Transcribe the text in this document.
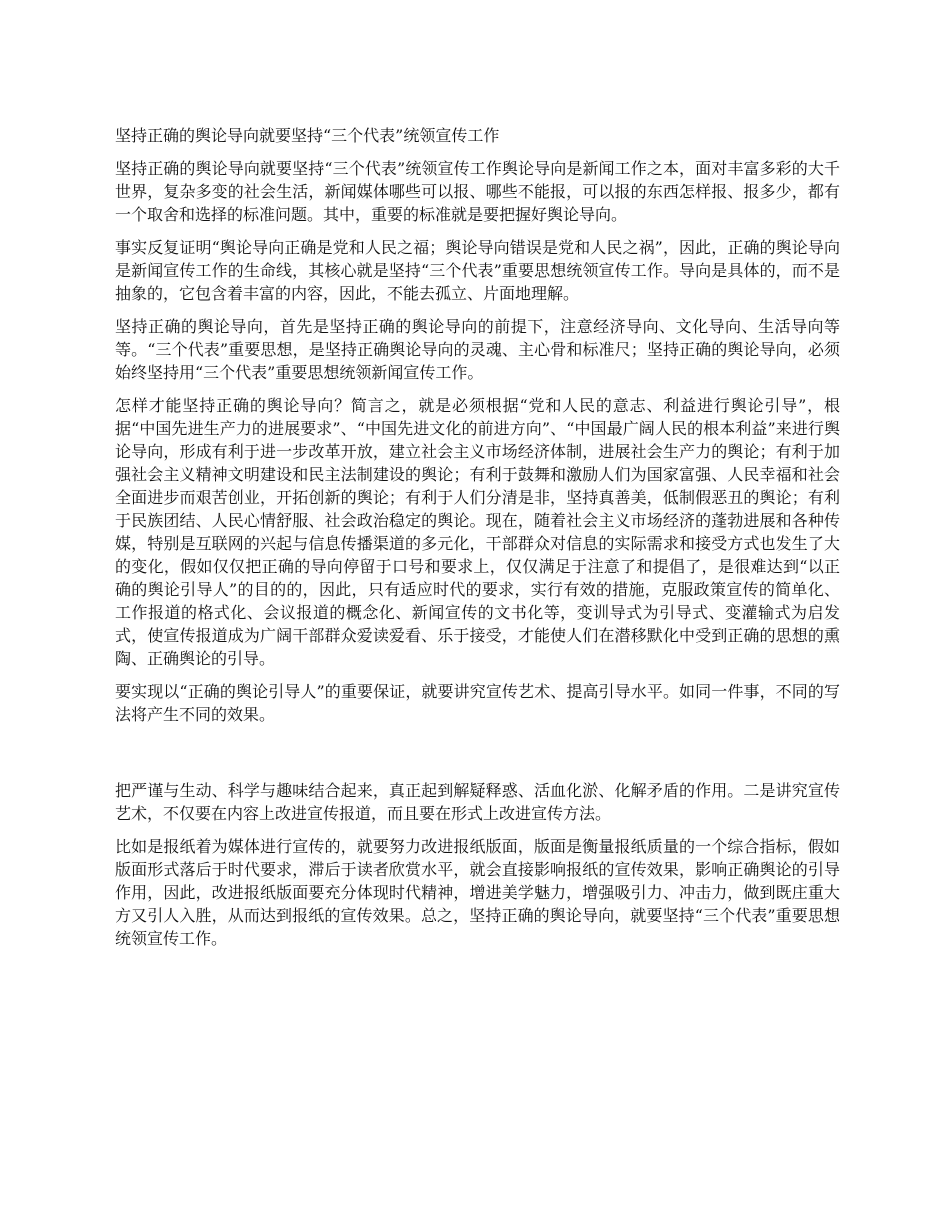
坚持正确的舆论导向就要坚持“三个代表”统领宣传工作

坚持正确的舆论导向就要坚持“三个代表”统领宣传工作舆论导向是新闻工作之本，面对丰富多彩的大千世界，复杂多变的社会生活，新闻媒体哪些可以报、哪些不能报，可以报的东西怎样报、报多少，都有一个取舍和选择的标准问题。其中，重要的标准就是要把握好舆论导向。

事实反复证明“舆论导向正确是党和人民之福；舆论导向错误是党和人民之祸”，因此，正确的舆论导向是新闻宣传工作的生命线，其核心就是坚持“三个代表”重要思想统领宣传工作。导向是具体的，而不是抽象的，它包含着丰富的内容，因此，不能去孤立、片面地理解。

坚持正确的舆论导向，首先是坚持正确的舆论导向的前提下，注意经济导向、文化导向、生活导向等等。“三个代表”重要思想，是坚持正确舆论导向的灵魂、主心骨和标准尺；坚持正确的舆论导向，必须始终坚持用“三个代表”重要思想统领新闻宣传工作。

怎样才能坚持正确的舆论导向？简言之，就是必须根据“党和人民的意志、利益进行舆论引导”，根据“中国先进生产力的进展要求”、“中国先进文化的前进方向”、“中国最广阔人民的根本利益”来进行舆论导向，形成有利于进一步改革开放，建立社会主义市场经济体制，进展社会生产力的舆论；有利于加强社会主义精神文明建设和民主法制建设的舆论；有利于鼓舞和激励人们为国家富强、人民幸福和社会全面进步而艰苦创业，开拓创新的舆论；有利于人们分清是非，坚持真善美，低制假恶丑的舆论；有利于民族团结、人民心情舒服、社会政治稳定的舆论。现在，随着社会主义市场经济的蓬勃进展和各种传媒，特别是互联网的兴起与信息传播渠道的多元化，干部群众对信息的实际需求和接受方式也发生了大的变化，假如仅仅把正确的导向停留于口号和要求上，仅仅满足于注意了和提倡了，是很难达到“以正确的舆论引导人”的目的的，因此，只有适应时代的要求，实行有效的措施，克服政策宣传的简单化、工作报道的格式化、会议报道的概念化、新闻宣传的文书化等，变训导式为引导式、变灌输式为启发式，使宣传报道成为广阔干部群众爱读爱看、乐于接受，才能使人们在潜移默化中受到正确的思想的熏陶、正确舆论的引导。

要实现以“正确的舆论引导人”的重要保证，就要讲究宣传艺术、提高引导水平。如同一件事，不同的写法将产生不同的效果。

把严谨与生动、科学与趣味结合起来，真正起到解疑释惑、活血化淤、化解矛盾的作用。二是讲究宣传艺术，不仅要在内容上改进宣传报道，而且要在形式上改进宣传方法。

比如是报纸着为媒体进行宣传的，就要努力改进报纸版面，版面是衡量报纸质量的一个综合指标，假如版面形式落后于时代要求，滞后于读者欣赏水平，就会直接影响报纸的宣传效果，影响正确舆论的引导作用，因此，改进报纸版面要充分体现时代精神，增进美学魅力，增强吸引力、冲击力，做到既庄重大方又引人入胜，从而达到报纸的宣传效果。总之，坚持正确的舆论导向，就要坚持“三个代表”重要思想统领宣传工作。
